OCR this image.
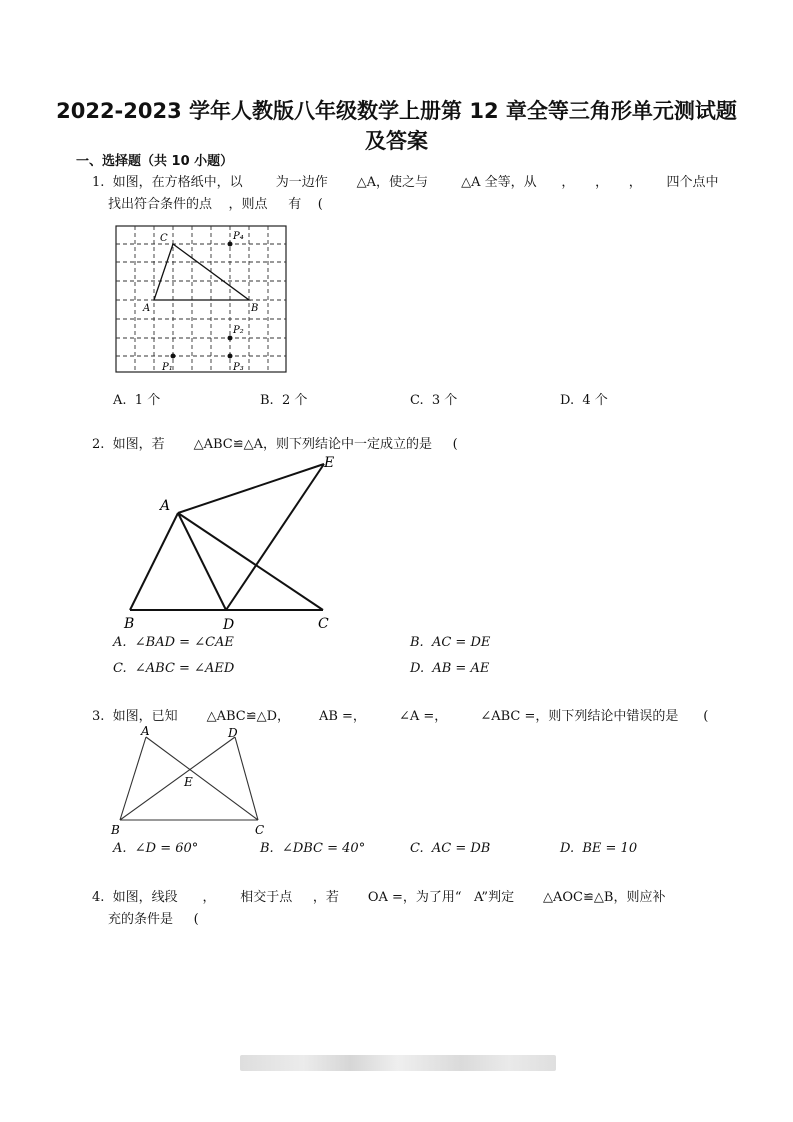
2022-2023 学年人教版八年级数学上册第 12 章全等三角形单元测试题
及答案
一、选择题（共 10 小题）
1.  如图，在方格纸中，以        为一边作       △A，使之与        △A 全等，从      ，     ，     ，      四个点中
找出符合条件的点    ，则点     有    (
A	B
C	P₄
P₂
P₃
P₁
A.  1 个	B.  2 个	C.  3 个	D.  4 个
2.  如图，若       △ABC≌△A，则下列结论中一定成立的是     (
A
B	C
D
E
A.  ∠BAD = ∠CAE	B.  AC = DE
C.  ∠ABC = ∠AED	D.  AB = AE
3.  如图，已知       △ABC≌△D，       AB =，        ∠A =，        ∠ABC =，则下列结论中错误的是      (
A	D
E
B	C
A.  ∠D = 60°	B.  ∠DBC = 40°	C.  AC = DB	D.  BE = 10
4.  如图，线段      ，      相交于点     ，若       OA =，为了用“   A”判定       △AOC≌△B，则应补
充的条件是     (
